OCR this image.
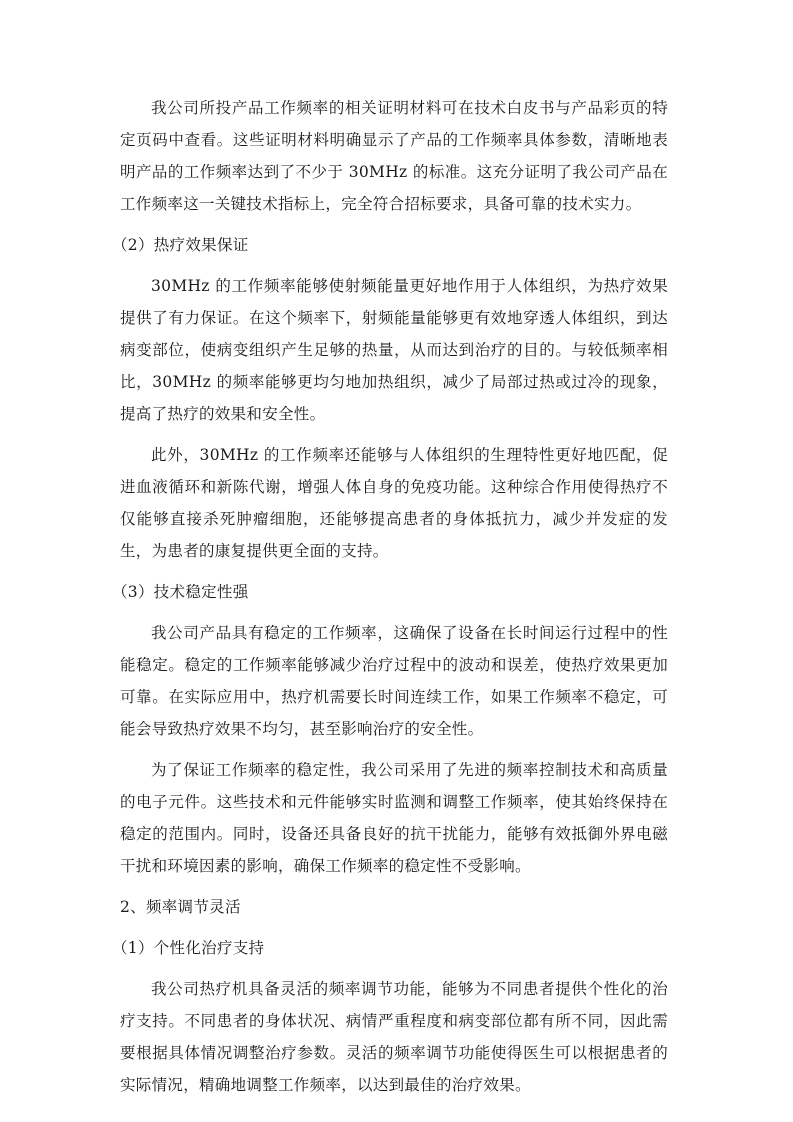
我公司所投产品工作频率的相关证明材料可在技术白皮书与产品彩页的特定页码中查看。这些证明材料明确显示了产品的工作频率具体参数，清晰地表明产品的工作频率达到了不少于 30MHz 的标准。这充分证明了我公司产品在工作频率这一关键技术指标上，完全符合招标要求，具备可靠的技术实力。

（2）热疗效果保证

30MHz 的工作频率能够使射频能量更好地作用于人体组织，为热疗效果提供了有力保证。在这个频率下，射频能量能够更有效地穿透人体组织，到达病变部位，使病变组织产生足够的热量，从而达到治疗的目的。与较低频率相比，30MHz 的频率能够更均匀地加热组织，减少了局部过热或过冷的现象，提高了热疗的效果和安全性。

此外，30MHz 的工作频率还能够与人体组织的生理特性更好地匹配，促进血液循环和新陈代谢，增强人体自身的免疫功能。这种综合作用使得热疗不仅能够直接杀死肿瘤细胞，还能够提高患者的身体抵抗力，减少并发症的发生，为患者的康复提供更全面的支持。

（3）技术稳定性强

我公司产品具有稳定的工作频率，这确保了设备在长时间运行过程中的性能稳定。稳定的工作频率能够减少治疗过程中的波动和误差，使热疗效果更加可靠。在实际应用中，热疗机需要长时间连续工作，如果工作频率不稳定，可能会导致热疗效果不均匀，甚至影响治疗的安全性。

为了保证工作频率的稳定性，我公司采用了先进的频率控制技术和高质量的电子元件。这些技术和元件能够实时监测和调整工作频率，使其始终保持在稳定的范围内。同时，设备还具备良好的抗干扰能力，能够有效抵御外界电磁干扰和环境因素的影响，确保工作频率的稳定性不受影响。

2、频率调节灵活

（1）个性化治疗支持

我公司热疗机具备灵活的频率调节功能，能够为不同患者提供个性化的治疗支持。不同患者的身体状况、病情严重程度和病变部位都有所不同，因此需要根据具体情况调整治疗参数。灵活的频率调节功能使得医生可以根据患者的实际情况，精确地调整工作频率，以达到最佳的治疗效果。
